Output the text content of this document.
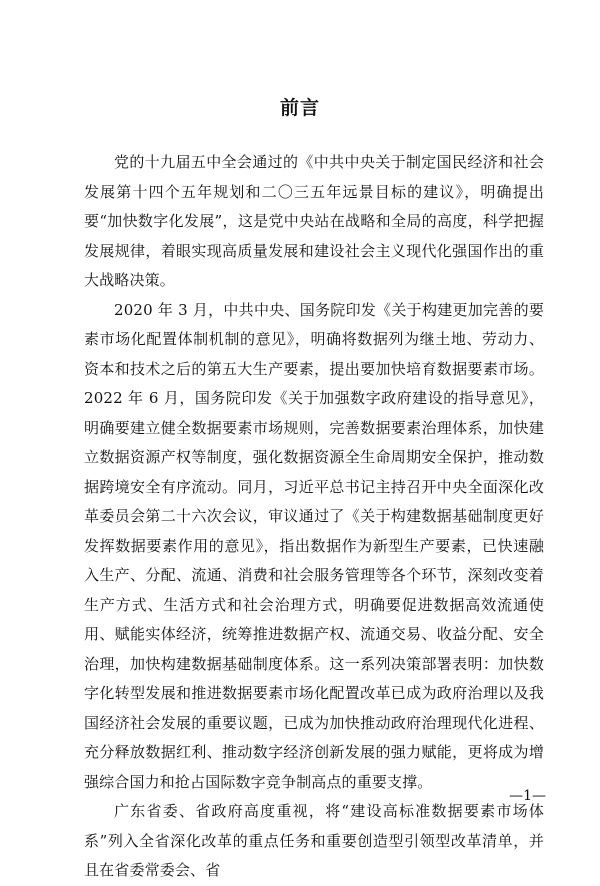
前言

党的十九届五中全会通过的《中共中央关于制定国民经济和社会发展第十四个五年规划和二〇三五年远景目标的建议》，明确提出要“加快数字化发展”，这是党中央站在战略和全局的高度，科学把握发展规律，着眼实现高质量发展和建设社会主义现代化强国作出的重大战略决策。

2020 年 3 月，中共中央、国务院印发《关于构建更加完善的要素市场化配置体制机制的意见》，明确将数据列为继土地、劳动力、资本和技术之后的第五大生产要素，提出要加快培育数据要素市场。2022 年 6 月，国务院印发《关于加强数字政府建设的指导意见》，明确要建立健全数据要素市场规则，完善数据要素治理体系，加快建立数据资源产权等制度，强化数据资源全生命周期安全保护，推动数据跨境安全有序流动。同月，习近平总书记主持召开中央全面深化改革委员会第二十六次会议，审议通过了《关于构建数据基础制度更好发挥数据要素作用的意见》，指出数据作为新型生产要素，已快速融入生产、分配、流通、消费和社会服务管理等各个环节，深刻改变着生产方式、生活方式和社会治理方式，明确要促进数据高效流通使用、赋能实体经济，统筹推进数据产权、流通交易、收益分配、安全治理，加快构建数据基础制度体系。这一系列决策部署表明：加快数字化转型发展和推进数据要素市场化配置改革已成为政府治理以及我国经济社会发展的重要议题，已成为加快推动政府治理现代化进程、充分释放数据红利、推动数字经济创新发展的强力赋能，更将成为增强综合国力和抢占国际数字竞争制高点的重要支撑。

广东省委、省政府高度重视，将“建设高标准数据要素市场体系”列入全省深化改革的重点任务和重要创造型引领型改革清单，并且在省委常委会、省

—1—
